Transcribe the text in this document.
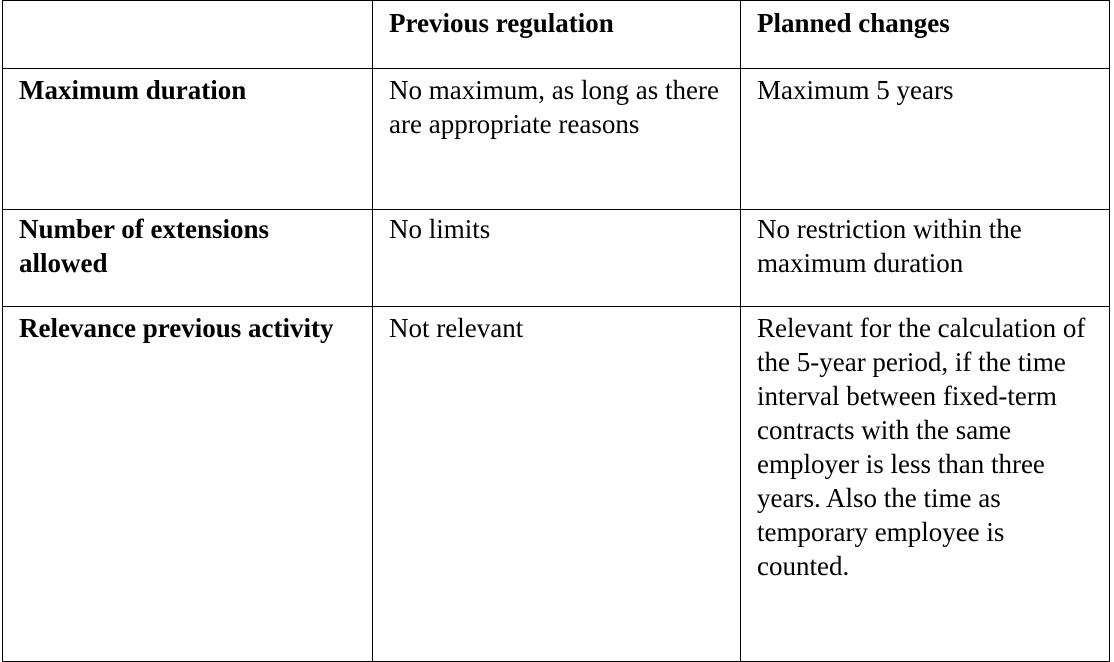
	Previous regulation	Planned changes
Maximum duration	No maximum, as long as there are appropriate reasons	Maximum 5 years
Number of extensions allowed	No limits	No restriction within the maximum duration
Relevance previous activity	Not relevant	Relevant for the calculation of the 5-year period, if the time interval between fixed-term contracts with the same employer is less than three years. Also the time as temporary employee is counted.
